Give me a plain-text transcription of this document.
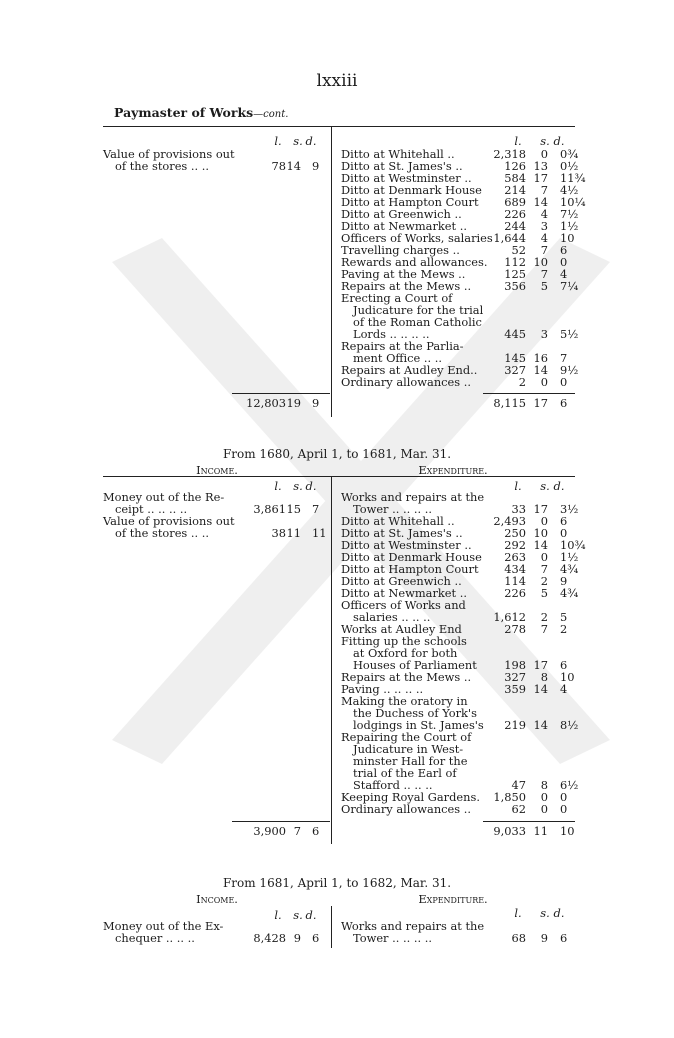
lxxiii
Paymaster of Works—cont.
l.	s. d.
Value of provisions out
of the stores .. ..	78 14 9
12,803 19 9
l.	s. d.
Ditto at Whitehall ..	2,318	0 0¾
Ditto at St. James's ..	126 13 0½
Ditto at Westminster ..	584 17 11¾
Ditto at Denmark House	214	7 4½
Ditto at Hampton Court	689 14 10¼
Ditto at Greenwich ..	226	4 7½
Ditto at Newmarket ..	244	3 1½
Officers of Works, salaries 1,644	4 10
Travelling charges ..	52	7 6
Rewards and allowances.	112 10 0
Paving at the Mews ..	125	7 4
Repairs at the Mews ..	356	5 7¼
Erecting a Court of
Judicature for the trial
of the Roman Catholic
Lords .. .. .. ..	445	3 5½
Repairs at the Parlia-
ment Office .. ..	145 16 7
Repairs at Audley End..	327 14 9½
Ordinary allowances ..	2	0 0
8,115 17 6
From 1680, April 1, to 1681, Mar. 31.
Income.	Expenditure.
l.	s. d.
Money out of the Re-
ceipt .. .. .. ..	3,861 15 7
Value of provisions out
of the stores .. ..	38 11 11
3,900 7 6
l.	s. d.
Works and repairs at the
Tower .. .. .. ..	33 17 3½
Ditto at Whitehall ..	2,493	0 6
Ditto at St. James's ..	250 10 0
Ditto at Westminster ..	292 14 10¾
Ditto at Denmark House	263	0 1½
Ditto at Hampton Court	434	7 4¾
Ditto at Greenwich ..	114	2 9
Ditto at Newmarket ..	226	5 4¾
Officers of Works and
salaries .. .. ..	1,612	2 5
Works at Audley End	278	7 2
Fitting up the schools
at Oxford for both
Houses of Parliament	198 17 6
Repairs at the Mews ..	327	8 10
Paving .. .. .. ..	359 14 4
Making the oratory in
the Duchess of York's
lodgings in St. James's	219 14 8½
Repairing the Court of
Judicature in West-
minster Hall for the
trial of the Earl of
Stafford .. .. ..	47	8 6½
Keeping Royal Gardens.	1,850	0 0
Ordinary allowances ..	62	0 0
9,033 11 10
From 1681, April 1, to 1682, Mar. 31.
Income.	Expenditure.
l.	s. d.
Money out of the Ex-
chequer .. .. ..	8,428 9 6
l.	s. d.
Works and repairs at the
Tower .. .. .. ..	68	9 6
